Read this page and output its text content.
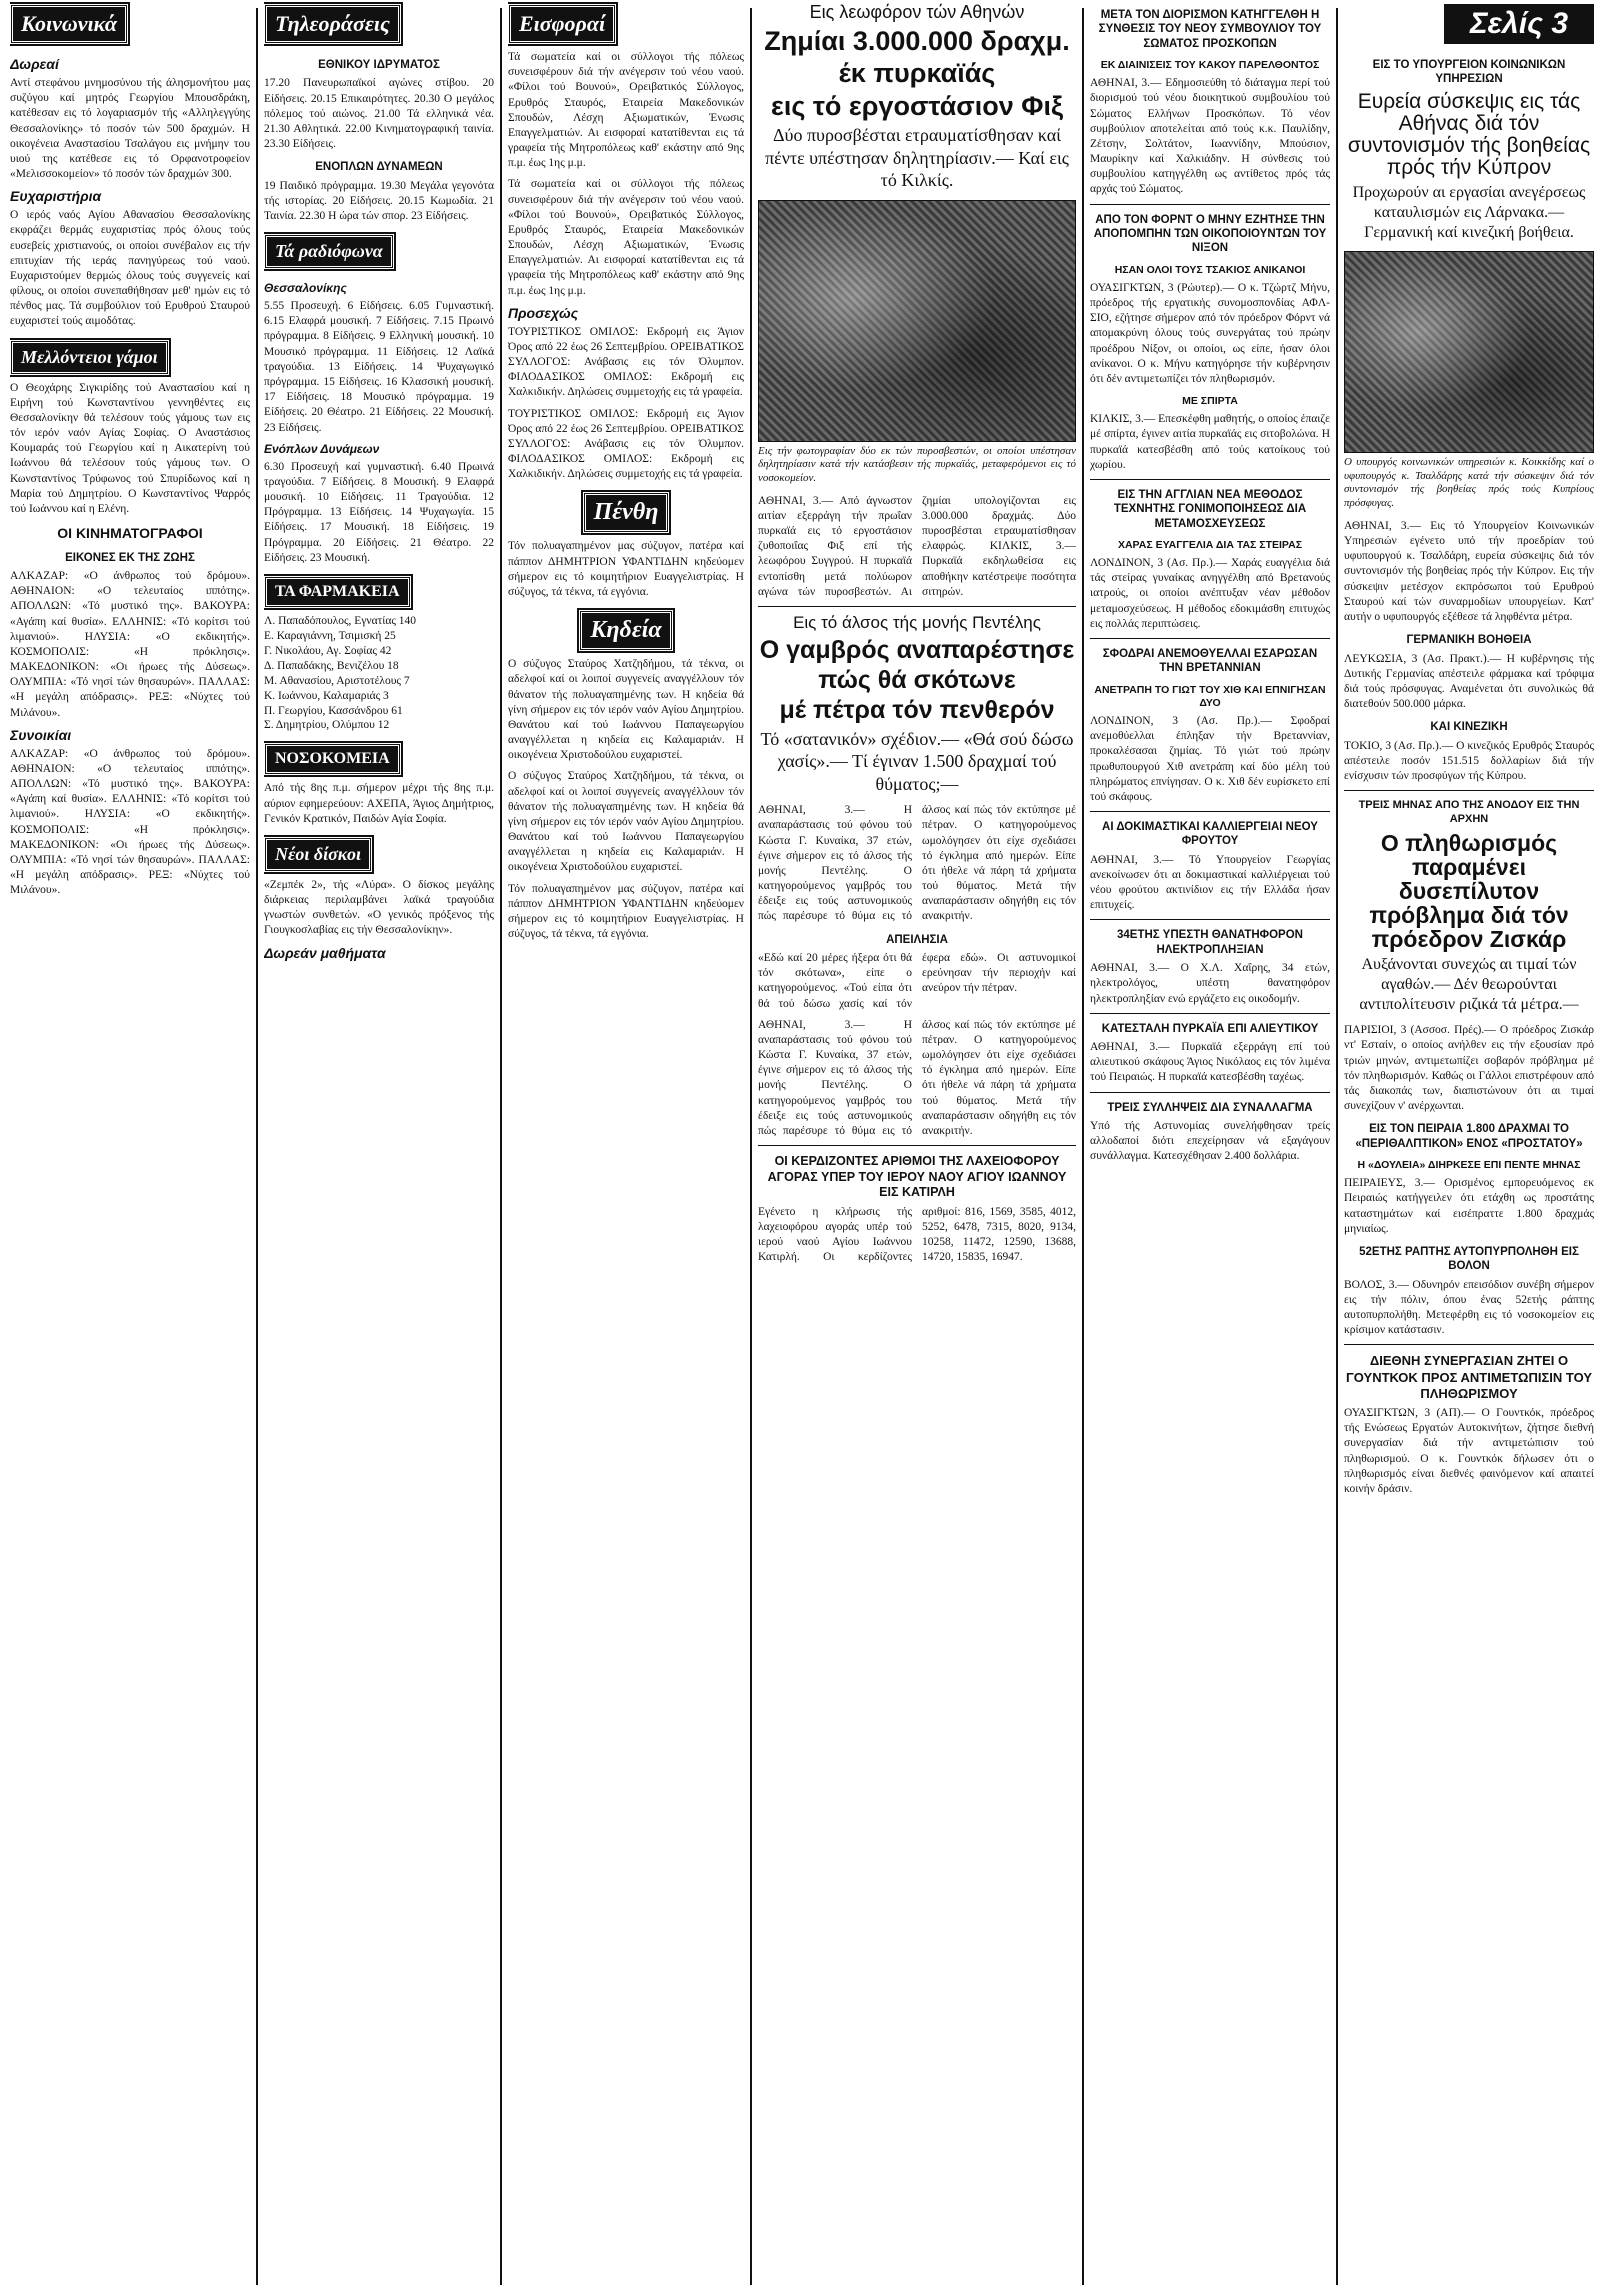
Κοινωνικά
Δωρεαί
Αντί στεφάνου μνημοσύνου τής άλησμονήτου μας συζύγου καί μητρός Γεωργίου Μπουσδράκη, κατέθεσαν εις τό λογαριασμόν τής «Αλληλεγγύης Θεσσαλονίκης» τό ποσόν τών 500 δραχμών. Η οικογένεια Αναστασίου Τσαλάγου εις μνήμην του υιού της κατέθεσε εις τό Ορφανοτροφείον «Μελισσοκομείον» τό ποσόν τών δραχμών 300.
Ευχαριστήρια
Ο ιερός ναός Αγίου Αθανασίου Θεσσαλονίκης εκφράζει θερμάς ευχαριστίας πρός όλους τούς ευσεβείς χριστιανούς, οι οποίοι συνέβαλον εις τήν επιτυχίαν τής ιεράς πανηγύρεως τού ναού. Ευχαριστούμεν θερμώς όλους τούς συγγενείς καί φίλους, οι οποίοι συνεπαθήθησαν μεθ' ημών εις τό πένθος μας. Τά συμβούλιον τού Ερυθρού Σταυρού ευχαριστεί τούς αιμοδότας.
Μελλόντειοι γάμοι
Ο Θεοχάρης Σιγκιρίδης τού Αναστασίου καί η Ειρήνη τού Κωνσταντίνου γεννηθέντες εις Θεσσαλονίκην θά τελέσουν τούς γάμους των εις τόν ιερόν ναόν Αγίας Σοφίας. Ο Αναστάσιος Κουμαράς τού Γεωργίου καί η Αικατερίνη τού Ιωάννου θά τελέσουν τούς γάμους των. Ο Κωνσταντίνος Τρύφωνος τού Σπυρίδωνος καί η Μαρία τού Δημητρίου. Ο Κωνσταντίνος Ψαρρός τού Ιωάννου καί η Ελένη.
ΟΙ ΚΙΝΗΜΑΤΟΓΡΑΦΟΙ
ΕΙΚΟΝΕΣ ΕΚ ΤΗΣ ΖΩΗΣ
ΑΛΚΑΖΑΡ: «Ο άνθρωπος τού δρόμου». ΑΘΗΝΑΙΟΝ: «Ο τελευταίος ιππότης». ΑΠΟΛΛΩΝ: «Τό μυστικό της». ΒΑΚΟΥΡΑ: «Αγάπη καί θυσία». ΕΛΛΗΝΙΣ: «Τό κορίτσι τού λιμανιού». ΗΛΥΣΙΑ: «Ο εκδικητής». ΚΟΣΜΟΠΟΛΙΣ: «Η πρόκλησις». ΜΑΚΕΔΟΝΙΚΟΝ: «Οι ήρωες τής Δύσεως». ΟΛΥΜΠΙΑ: «Τό νησί τών θησαυρών». ΠΑΛΛΑΣ: «Η μεγάλη απόδρασις». ΡΕΞ: «Νύχτες τού Μιλάνου».
Συνοικίαι
ΑΛΚΑΖΑΡ: «Ο άνθρωπος τού δρόμου». ΑΘΗΝΑΙΟΝ: «Ο τελευταίος ιππότης». ΑΠΟΛΛΩΝ: «Τό μυστικό της». ΒΑΚΟΥΡΑ: «Αγάπη καί θυσία». ΕΛΛΗΝΙΣ: «Τό κορίτσι τού λιμανιού». ΗΛΥΣΙΑ: «Ο εκδικητής». ΚΟΣΜΟΠΟΛΙΣ: «Η πρόκλησις». ΜΑΚΕΔΟΝΙΚΟΝ: «Οι ήρωες τής Δύσεως». ΟΛΥΜΠΙΑ: «Τό νησί τών θησαυρών». ΠΑΛΛΑΣ: «Η μεγάλη απόδρασις». ΡΕΞ: «Νύχτες τού Μιλάνου».
Τηλεοράσεις
ΕΘΝΙΚΟΥ ΙΔΡΥΜΑΤΟΣ
17.20 Πανευρωπαϊκοί αγώνες στίβου. 20 Είδήσεις. 20.15 Επικαιρότητες. 20.30 Ο μεγάλος πόλεμος τού αιώνος. 21.00 Τά ελληνικά νέα. 21.30 Αθλητικά. 22.00 Κινηματογραφική ταινία. 23.30 Είδήσεις.
ΕΝΟΠΛΩΝ ΔΥΝΑΜΕΩΝ
19 Παιδικό πρόγραμμα. 19.30 Μεγάλα γεγονότα τής ιστορίας. 20 Είδήσεις. 20.15 Κωμωδία. 21 Ταινία. 22.30 Η ώρα τών σπορ. 23 Είδήσεις.
Τά ραδιόφωνα
Θεσσαλονίκης
5.55 Προσευχή. 6 Είδήσεις. 6.05 Γυμναστική. 6.15 Ελαφρά μουσική. 7 Είδήσεις. 7.15 Πρωινό πρόγραμμα. 8 Είδήσεις. 9 Ελληνική μουσική. 10 Μουσικό πρόγραμμα. 11 Είδήσεις. 12 Λαϊκά τραγούδια. 13 Είδήσεις. 14 Ψυχαγωγικό πρόγραμμα. 15 Είδήσεις. 16 Κλασσική μουσική. 17 Είδήσεις. 18 Μουσικό πρόγραμμα. 19 Είδήσεις. 20 Θέατρο. 21 Είδήσεις. 22 Μουσική. 23 Είδήσεις.
Ενόπλων Δυνάμεων
6.30 Προσευχή καί γυμναστική. 6.40 Πρωινά τραγούδια. 7 Είδήσεις. 8 Μουσική. 9 Ελαφρά μουσική. 10 Είδήσεις. 11 Τραγούδια. 12 Πρόγραμμα. 13 Είδήσεις. 14 Ψυχαγωγία. 15 Είδήσεις. 17 Μουσική. 18 Είδήσεις. 19 Πρόγραμμα. 20 Είδήσεις. 21 Θέατρο. 22 Είδήσεις. 23 Μουσική.
ΤΑ ΦΑΡΜΑΚΕΙΑ
Λ. Παπαδόπουλος, Εγνατίας 140
Ε. Καραγιάννη, Τσιμισκή 25
Γ. Νικολάου, Αγ. Σοφίας 42
Δ. Παπαδάκης, Βενιζέλου 18
Μ. Αθανασίου, Αριστοτέλους 7
Κ. Ιωάννου, Καλαμαριάς 3
Π. Γεωργίου, Κασσάνδρου 61
Σ. Δημητρίου, Ολύμπου 12
ΝΟΣΟΚΟΜΕΙΑ
Από τής 8ης π.μ. σήμερον μέχρι τής 8ης π.μ. αύριον εφημερεύουν: ΑΧΕΠΑ, Άγιος Δημήτριος, Γενικόν Κρατικόν, Παιδών Αγία Σοφία.
Νέοι δίσκοι
«Ζεμπέκ 2», τής «Λύρα». Ο δίσκος μεγάλης διάρκειας περιλαμβάνει λαϊκά τραγούδια γνωστών συνθετών. «Ο γενικός πρόξενος τής Γιουγκοσλαβίας εις τήν Θεσσαλονίκην».
Δωρεάν μαθήματα
Εισφοραί
Τά σωματεία καί οι σύλλογοι τής πόλεως συνεισφέρουν διά τήν ανέγερσιν τού νέου ναού. «Φίλοι τού Βουνού», Ορειβατικός Σύλλογος, Ερυθρός Σταυρός, Εταιρεία Μακεδονικών Σπουδών, Λέσχη Αξιωματικών, Ένωσις Επαγγελματιών. Αι εισφοραί κατατίθενται εις τά γραφεία τής Μητροπόλεως καθ' εκάστην από 9ης π.μ. έως 1ης μ.μ.
Τά σωματεία καί οι σύλλογοι τής πόλεως συνεισφέρουν διά τήν ανέγερσιν τού νέου ναού. «Φίλοι τού Βουνού», Ορειβατικός Σύλλογος, Ερυθρός Σταυρός, Εταιρεία Μακεδονικών Σπουδών, Λέσχη Αξιωματικών, Ένωσις Επαγγελματιών. Αι εισφοραί κατατίθενται εις τά γραφεία τής Μητροπόλεως καθ' εκάστην από 9ης π.μ. έως 1ης μ.μ.
Προσεχώς
ΤΟΥΡΙΣΤΙΚΟΣ ΟΜΙΛΟΣ: Εκδρομή εις Άγιον Όρος από 22 έως 26 Σεπτεμβρίου. ΟΡΕΙΒΑΤΙΚΟΣ ΣΥΛΛΟΓΟΣ: Ανάβασις εις τόν Όλυμπον. ΦΙΛΟΔΑΣΙΚΟΣ ΟΜΙΛΟΣ: Εκδρομή εις Χαλκιδικήν. Δηλώσεις συμμετοχής εις τά γραφεία.
ΤΟΥΡΙΣΤΙΚΟΣ ΟΜΙΛΟΣ: Εκδρομή εις Άγιον Όρος από 22 έως 26 Σεπτεμβρίου. ΟΡΕΙΒΑΤΙΚΟΣ ΣΥΛΛΟΓΟΣ: Ανάβασις εις τόν Όλυμπον. ΦΙΛΟΔΑΣΙΚΟΣ ΟΜΙΛΟΣ: Εκδρομή εις Χαλκιδικήν. Δηλώσεις συμμετοχής εις τά γραφεία.
Πένθη
Τόν πολυαγαπημένον μας σύζυγον, πατέρα καί πάππον ΔΗΜΗΤΡΙΟΝ ΥΦΑΝΤΙΔΗΝ κηδεύομεν σήμερον εις τό κοιμητήριον Ευαγγελιστρίας. Η σύζυγος, τά τέκνα, τά εγγόνια.
Κηδεία
Ο σύζυγος Σταύρος Χατζηδήμου, τά τέκνα, οι αδελφοί καί οι λοιποί συγγενείς αναγγέλλουν τόν θάνατον τής πολυαγαπημένης των. Η κηδεία θά γίνη σήμερον εις τόν ιερόν ναόν Αγίου Δημητρίου. Θανάτου καί τού Ιωάννου Παπαγεωργίου αναγγέλλεται η κηδεία εις Καλαμαριάν. Η οικογένεια Χριστοδούλου ευχαριστεί.
Ο σύζυγος Σταύρος Χατζηδήμου, τά τέκνα, οι αδελφοί καί οι λοιποί συγγενείς αναγγέλλουν τόν θάνατον τής πολυαγαπημένης των. Η κηδεία θά γίνη σήμερον εις τόν ιερόν ναόν Αγίου Δημητρίου. Θανάτου καί τού Ιωάννου Παπαγεωργίου αναγγέλλεται η κηδεία εις Καλαμαριάν. Η οικογένεια Χριστοδούλου ευχαριστεί.
Τόν πολυαγαπημένον μας σύζυγον, πατέρα καί πάππον ΔΗΜΗΤΡΙΟΝ ΥΦΑΝΤΙΔΗΝ κηδεύομεν σήμερον εις τό κοιμητήριον Ευαγγελιστρίας. Η σύζυγος, τά τέκνα, τά εγγόνια.
Εις λεωφόρον τών Αθηνών
Ζημίαι 3.000.000 δραχμ.
έκ πυρκαϊάς
εις τό εργοστάσιον Φιξ
Δύο πυροσβέσται ετραυματίσθησαν καί πέντε υπέστησαν δηλητηρίασιν.— Καί εις τό Κιλκίς.
Εις τήν φωτογραφίαν δύο εκ τών πυροσβεστών, οι οποίοι υπέστησαν δηλητηρίασιν κατά τήν κατάσβεσιν τής πυρκαϊάς, μεταφερόμενοι εις τό νοσοκομείον.
ΑΘΗΝΑΙ, 3.— Από άγνωστον αιτίαν εξερράγη τήν πρωΐαν πυρκαϊά εις τό εργοστάσιον ζυθοποιΐας Φιξ επί τής λεωφόρου Συγγρού. Η πυρκαϊά εντοπίσθη μετά πολύωρον αγώνα τών πυροσβεστών. Αι ζημίαι υπολογίζονται εις 3.000.000 δραχμάς. Δύο πυροσβέσται ετραυματίσθησαν ελαφρώς. ΚΙΛΚΙΣ, 3.— Πυρκαϊά εκδηλωθείσα εις αποθήκην κατέστρεψε ποσότητα σιτηρών.
Εις τό άλσος τής μονής Πεντέλης
Ο γαμβρός αναπαρέστησε
πώς θά σκότωνε
μέ πέτρα τόν πενθερόν
Τό «σατανικόν» σχέδιον.— «Θά σού δώσω χασίς».— Τί έγιναν 1.500 δραχμαί τού θύματος;—
ΑΘΗΝΑΙ, 3.— Η αναπαράστασις τού φόνου τού Κώστα Γ. Κυναίκα, 37 ετών, έγινε σήμερον εις τό άλσος τής μονής Πεντέλης. Ο κατηγορούμενος γαμβρός του έδειξε εις τούς αστυνομικούς πώς παρέσυρε τό θύμα εις τό άλσος καί πώς τόν εκτύπησε μέ πέτραν. Ο κατηγορούμενος ωμολόγησεν ότι είχε σχεδιάσει τό έγκλημα από ημερών. Είπε ότι ήθελε νά πάρη τά χρήματα τού θύματος. Μετά τήν αναπαράστασιν οδηγήθη εις τόν ανακριτήν.
ΑΠΕΙΛΗΣΙΑ
«Εδώ καί 20 μέρες ήξερα ότι θά τόν σκότωνα», είπε ο κατηγορούμενος. «Τού είπα ότι θά τού δώσω χασίς καί τόν έφερα εδώ». Οι αστυνομικοί ερεύνησαν τήν περιοχήν καί ανεύρον τήν πέτραν.
ΑΘΗΝΑΙ, 3.— Η αναπαράστασις τού φόνου τού Κώστα Γ. Κυναίκα, 37 ετών, έγινε σήμερον εις τό άλσος τής μονής Πεντέλης. Ο κατηγορούμενος γαμβρός του έδειξε εις τούς αστυνομικούς πώς παρέσυρε τό θύμα εις τό άλσος καί πώς τόν εκτύπησε μέ πέτραν. Ο κατηγορούμενος ωμολόγησεν ότι είχε σχεδιάσει τό έγκλημα από ημερών. Είπε ότι ήθελε νά πάρη τά χρήματα τού θύματος. Μετά τήν αναπαράστασιν οδηγήθη εις τόν ανακριτήν.
ΟΙ ΚΕΡΔΙΖΟΝΤΕΣ ΑΡΙΘΜΟΙ ΤΗΣ ΛΑΧΕΙΟΦΟΡΟΥ ΑΓΟΡΑΣ ΥΠΕΡ ΤΟΥ ΙΕΡΟΥ ΝΑΟΥ ΑΓΙΟΥ ΙΩΑΝΝΟΥ ΕΙΣ ΚΑΤΙΡΛΗ
Εγένετο η κλήρωσις τής λαχειοφόρου αγοράς υπέρ τού ιερού ναού Αγίου Ιωάννου Κατιρλή. Οι κερδίζοντες αριθμοί: 816, 1569, 3585, 4012, 5252, 6478, 7315, 8020, 9134, 10258, 11472, 12590, 13688, 14720, 15835, 16947.
ΜΕΤΑ ΤΟΝ ΔΙΟΡΙΣΜΟΝ ΚΑΤΗΓΓΕΛΘΗ Η ΣΥΝΘΕΣΙΣ ΤΟΥ ΝΕΟΥ ΣΥΜΒΟΥΛΙΟΥ ΤΟΥ ΣΩΜΑΤΟΣ ΠΡΟΣΚΟΠΩΝ
ΕΚ ΔΙΑΙΝΙΣΕΙΣ ΤΟΥ ΚΑΚΟΥ ΠΑΡΕΛΘΟΝΤΟΣ
ΑΘΗΝΑΙ, 3.— Εδημοσιεύθη τό διάταγμα περί τού διορισμού τού νέου διοικητικού συμβουλίου τού Σώματος Ελλήνων Προσκόπων. Τό νέον συμβούλιον αποτελείται από τούς κ.κ. Παυλίδην, Ζέτσην, Σολτάτον, Ιωαννίδην, Μπούσιον, Μαυρίκην καί Χαλκιάδην. Η σύνθεσις τού συμβουλίου κατηγγέλθη ως αντίθετος πρός τάς αρχάς τού Σώματος.
ΑΠΟ ΤΟΝ ΦΟΡΝΤ Ο ΜΗΝΥ ΕΖΗΤΗΣΕ ΤΗΝ ΑΠΟΠΟΜΠΗΝ ΤΩΝ ΟΙΚΟΠΟΙΟΥΝΤΩΝ ΤΟΥ ΝΙΞΟΝ
ΗΣΑΝ ΟΛΟΙ ΤΟΥΣ ΤΣΑΚΙΟΣ ΑΝΙΚΑΝΟΙ
ΟΥΑΣΙΓΚΤΩΝ, 3 (Ρώυτερ).— Ο κ. Τζώρτζ Μήνυ, πρόεδρος τής εργατικής συνομοσπονδίας ΑΦΛ-ΣΙΟ, εζήτησε σήμερον από τόν πρόεδρον Φόρντ νά απομακρύνη όλους τούς συνεργάτας τού πρώην προέδρου Νίξον, οι οποίοι, ως είπε, ήσαν όλοι ανίκανοι. Ο κ. Μήνυ κατηγόρησε τήν κυβέρνησιν ότι δέν αντιμετωπίζει τόν πληθωρισμόν.
ΜΕ ΣΠΙΡΤΑ
ΚΙΛΚΙΣ, 3.— Επεσκέφθη μαθητής, ο οποίος έπαιζε μέ σπίρτα, έγινεν αιτία πυρκαϊάς εις σιτοβολώνα. Η πυρκαϊά κατεσβέσθη από τούς κατοίκους τού χωρίου.
ΕΙΣ ΤΗΝ ΑΓΓΛΙΑΝ ΝΕΑ ΜΕΘΟΔΟΣ ΤΕΧΝΗΤΗΣ ΓΟΝΙΜΟΠΟΙΗΣΕΩΣ ΔΙΑ ΜΕΤΑΜΟΣΧΕΥΣΕΩΣ
ΧΑΡΑΣ ΕΥΑΓΓΕΛΙΑ ΔΙΑ ΤΑΣ ΣΤΕΙΡΑΣ
ΛΟΝΔΙΝΟΝ, 3 (Ασ. Πρ.).— Χαράς ευαγγέλια διά τάς στείρας γυναίκας ανηγγέλθη από Βρετανούς ιατρούς, οι οποίοι ανέπτυξαν νέαν μέθοδον μεταμοσχεύσεως. Η μέθοδος εδοκιμάσθη επιτυχώς εις πολλάς περιπτώσεις.
ΣΦΟΔΡΑΙ ΑΝΕΜΟΘΥΕΛΛΑΙ ΕΣΑΡΩΣΑΝ ΤΗΝ ΒΡΕΤΑΝΝΙΑΝ
ΑΝΕΤΡΑΠΗ ΤΟ ΓΙΩΤ ΤΟΥ ΧΙΘ ΚΑΙ ΕΠΝΙΓΗΣΑΝ ΔΥΟ
ΛΟΝΔΙΝΟΝ, 3 (Ασ. Πρ.).— Σφοδραί ανεμοθύελλαι έπληξαν τήν Βρεταννίαν, προκαλέσασαι ζημίας. Τό γιώτ τού πρώην πρωθυπουργού Χιθ ανετράπη καί δύο μέλη τού πληρώματος επνίγησαν. Ο κ. Χιθ δέν ευρίσκετο επί τού σκάφους.
ΑΙ ΔΟΚΙΜΑΣΤΙΚΑΙ ΚΑΛΛΙΕΡΓΕΙΑΙ ΝΕΟΥ ΦΡΟΥΤΟΥ
ΑΘΗΝΑΙ, 3.— Τό Υπουργείον Γεωργίας ανεκοίνωσεν ότι αι δοκιμαστικαί καλλιέργειαι τού νέου φρούτου ακτινίδιον εις τήν Ελλάδα ήσαν επιτυχείς.
34ΕΤΗΣ ΥΠΕΣΤΗ ΘΑΝΑΤΗΦΟΡΟΝ ΗΛΕΚΤΡΟΠΛΗΞΙΑΝ
ΑΘΗΝΑΙ, 3.— Ο Χ.Λ. Χαΐρης, 34 ετών, ηλεκτρολόγος, υπέστη θανατηφόρον ηλεκτροπληξίαν ενώ εργάζετο εις οικοδομήν.
ΚΑΤΕΣΤΑΛΗ ΠΥΡΚΑΪΑ ΕΠΙ ΑΛΙΕΥΤΙΚΟΥ
ΑΘΗΝΑΙ, 3.— Πυρκαϊά εξερράγη επί τού αλιευτικού σκάφους Άγιος Νικόλαος εις τόν λιμένα τού Πειραιώς. Η πυρκαϊά κατεσβέσθη ταχέως.
ΤΡΕΙΣ ΣΥΛΛΗΨΕΙΣ ΔΙΑ ΣΥΝΑΛΛΑΓΜΑ
Υπό τής Αστυνομίας συνελήφθησαν τρείς αλλοδαποί διότι επεχείρησαν νά εξαγάγουν συνάλλαγμα. Κατεσχέθησαν 2.400 δολλάρια.
Σελίς 3
ΕΙΣ ΤΟ ΥΠΟΥΡΓΕΙΟΝ ΚΟΙΝΩΝΙΚΩΝ ΥΠΗΡΕΣΙΩΝ
Ευρεία σύσκεψις εις τάς Αθήνας διά τόν συντονισμόν τής βοηθείας πρός τήν Κύπρον
Προχωρούν αι εργασίαι ανεγέρσεως καταυλισμών εις Λάρνακα.— Γερμανική καί κινεζική βοήθεια.
Ο υπουργός κοινωνικών υπηρεσιών κ. Κοικκίδης καί ο υφυπουργός κ. Τσαλδάρης κατά τήν σύσκεψιν διά τόν συντονισμόν τής βοηθείας πρός τούς Κυπρίους πρόσφυγας.
ΑΘΗΝΑΙ, 3.— Εις τό Υπουργείον Κοινωνικών Υπηρεσιών εγένετο υπό τήν προεδρίαν τού υφυπουργού κ. Τσαλδάρη, ευρεία σύσκεψις διά τόν συντονισμόν τής βοηθείας πρός τήν Κύπρον. Εις τήν σύσκεψιν μετέσχον εκπρόσωποι τού Ερυθρού Σταυρού καί τών συναρμοδίων υπουργείων. Κατ' αυτήν ο υφυπουργός εξέθεσε τά ληφθέντα μέτρα.
ΓΕΡΜΑΝΙΚΗ ΒΟΗΘΕΙΑ
ΛΕΥΚΩΣΙΑ, 3 (Ασ. Πρακτ.).— Η κυβέρνησις τής Δυτικής Γερμανίας απέστειλε φάρμακα καί τρόφιμα διά τούς πρόσφυγας. Αναμένεται ότι συνολικώς θά διατεθούν 500.000 μάρκα.
ΚΑΙ ΚΙΝΕΖΙΚΗ
ΤΟΚΙΟ, 3 (Ασ. Πρ.).— Ο κινεζικός Ερυθρός Σταυρός απέστειλε ποσόν 151.515 δολλαρίων διά τήν ενίσχυσιν τών προσφύγων τής Κύπρου.
ΤΡΕΙΣ ΜΗΝΑΣ ΑΠΟ ΤΗΣ ΑΝΟΔΟΥ ΕΙΣ ΤΗΝ ΑΡΧΗΝ
Ο πληθωρισμός παραμένει δυσεπίλυτον πρόβλημα διά τόν πρόεδρον Ζισκάρ
Αυξάνονται συνεχώς αι τιμαί τών αγαθών.— Δέν θεωρούνται αντιπολίτευσιν ριζικά τά μέτρα.—
ΠΑΡΙΣΙΟΙ, 3 (Ασσοσ. Πρές).— Ο πρόεδρος Ζισκάρ ντ' Εσταίν, ο οποίος ανήλθεν εις τήν εξουσίαν πρό τριών μηνών, αντιμετωπίζει σοβαρόν πρόβλημα μέ τόν πληθωρισμόν. Καθώς οι Γάλλοι επιστρέφουν από τάς διακοπάς των, διαπιστώνουν ότι αι τιμαί συνεχίζουν ν' ανέρχωνται.
ΕΙΣ ΤΟΝ ΠΕΙΡΑΙΑ 1.800 ΔΡΑΧΜΑΙ ΤΟ «ΠΕΡΙΘΑΛΠΤΙΚΟΝ» ΕΝΟΣ «ΠΡΟΣΤΑΤΟΥ»
Η «ΔΟΥΛΕΙΑ» ΔΙΗΡΚΕΣΕ ΕΠΙ ΠΕΝΤΕ ΜΗΝΑΣ
ΠΕΙΡΑΙΕΥΣ, 3.— Ορισμένος εμπορευόμενος εκ Πειραιώς κατήγγειλεν ότι ετάχθη ως προστάτης καταστημάτων καί εισέπραττε 1.800 δραχμάς μηνιαίως.
52ΕΤΗΣ ΡΑΠΤΗΣ ΑΥΤΟΠΥΡΠΟΛΗΘΗ ΕΙΣ ΒΟΛΟΝ
ΒΟΛΟΣ, 3.— Οδυνηρόν επεισόδιον συνέβη σήμερον εις τήν πόλιν, όπου ένας 52ετής ράπτης αυτοπυρπολήθη. Μετεφέρθη εις τό νοσοκομείον εις κρίσιμον κατάστασιν.
ΔΙΕΘΝΗ ΣΥΝΕΡΓΑΣΙΑΝ ΖΗΤΕΙ Ο ΓΟΥΝΤΚΟΚ ΠΡΟΣ ΑΝΤΙΜΕΤΩΠΙΣΙΝ ΤΟΥ ΠΛΗΘΩΡΙΣΜΟΥ
ΟΥΑΣΙΓΚΤΩΝ, 3 (ΑΠ).— Ο Γουντκόκ, πρόεδρος τής Ενώσεως Εργατών Αυτοκινήτων, ζήτησε διεθνή συνεργασίαν διά τήν αντιμετώπισιν τού πληθωρισμού. Ο κ. Γουντκόκ δήλωσεν ότι ο πληθωρισμός είναι διεθνές φαινόμενον καί απαιτεί κοινήν δράσιν.
